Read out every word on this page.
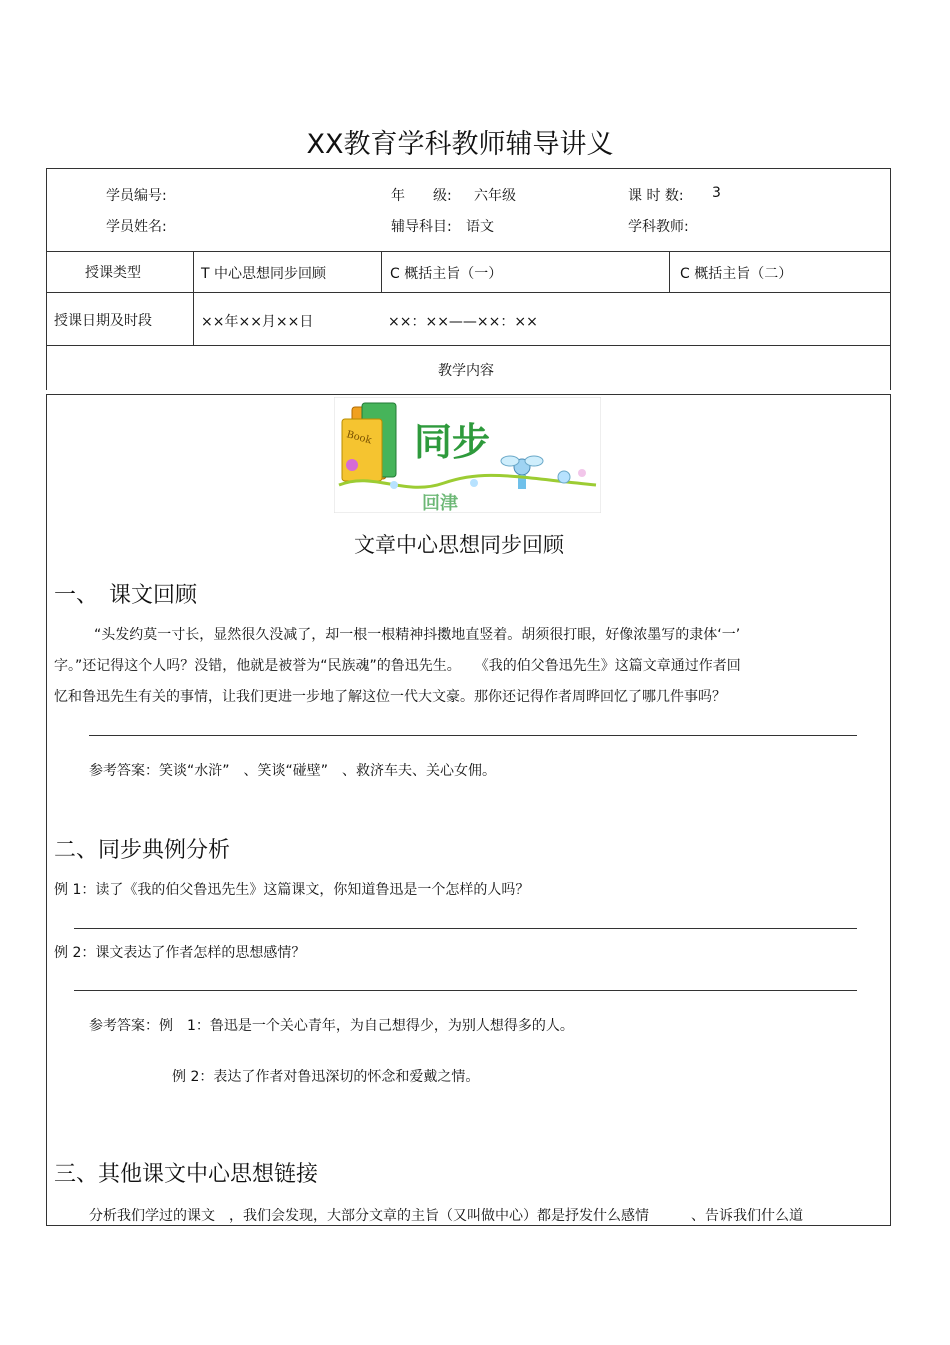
XX教育学科教师辅导讲义
学员编号:	年　　级: 六年级	课 时 数: 3
学员姓名:	辅导科目: 语文	学科教师:
授课类型	T 中心思想同步回顾	C 概括主旨（一）	C 概括主旨（二）
授课日期及时段	××年××月××日	××：××——××：××
教学内容
Book 同步
回津
文章中心思想同步回顾
一、　课文回顾
“头发约莫一寸长，显然很久没减了，却一根一根精神抖擞地直竖着。胡须很打眼，好像浓墨写的隶体‘一’
字。”还记得这个人吗？没错，他就是被誉为“民族魂”的鲁迅先生。　　《我的伯父鲁迅先生》这篇文章通过作者回
忆和鲁迅先生有关的事情，让我们更进一步地了解这位一代大文豪。那你还记得作者周晔回忆了哪几件事吗？
参考答案：笑谈“水浒”　、笑谈“碰壁”　、救济车夫、关心女佣。
二、同步典例分析
例 1：读了《我的伯父鲁迅先生》这篇课文，你知道鲁迅是一个怎样的人吗？
例 2：课文表达了作者怎样的思想感情？
参考答案：例　1：鲁迅是一个关心青年，为自己想得少，为别人想得多的人。
例 2：表达了作者对鲁迅深切的怀念和爱戴之情。
三、其他课文中心思想链接
分析我们学过的课文　，我们会发现，大部分文章的主旨（又叫做中心）都是抒发什么感情　　　、告诉我们什么道
